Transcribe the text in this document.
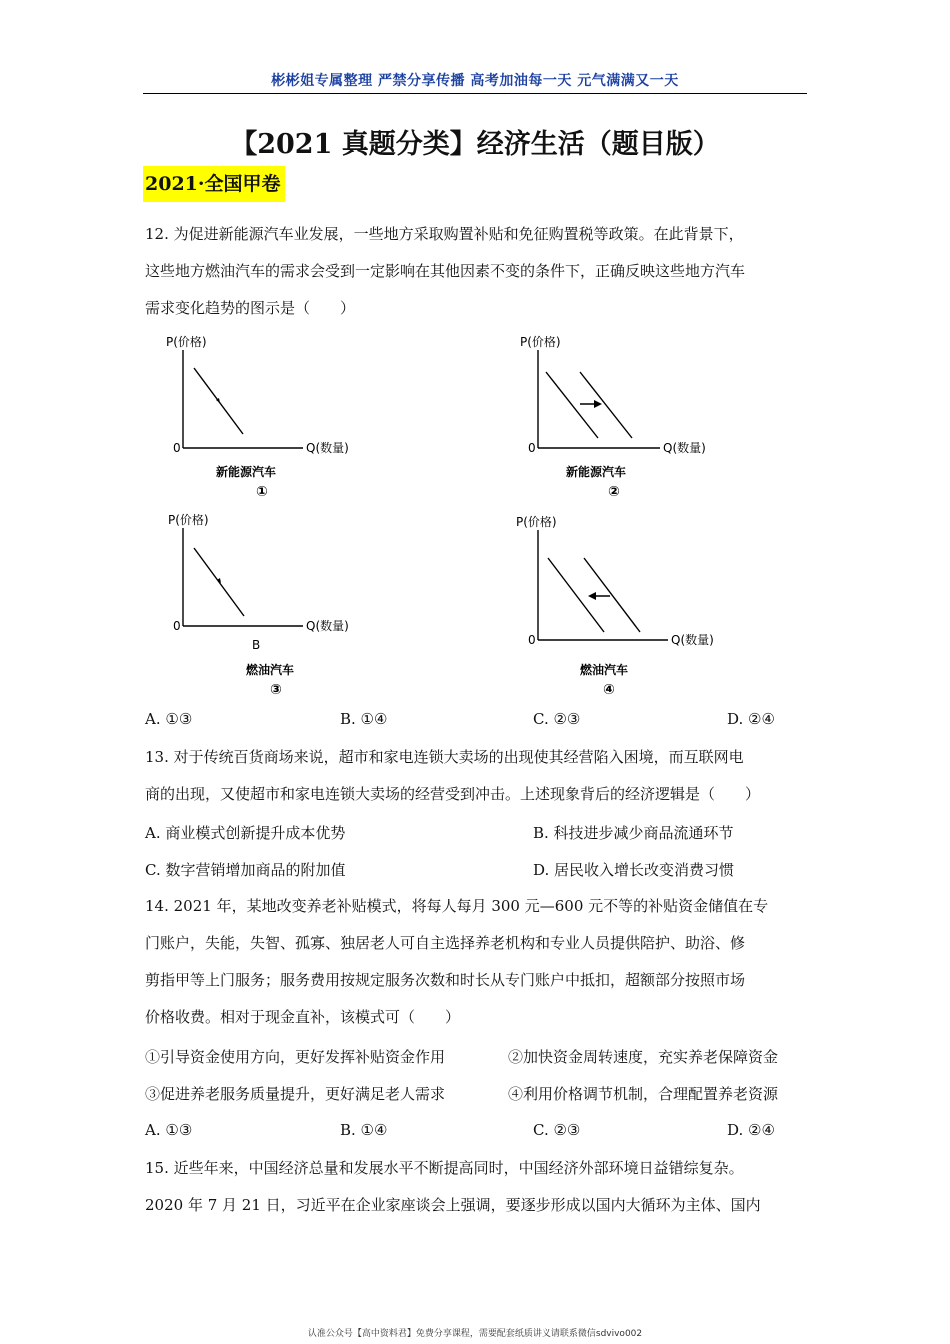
彬彬姐专属整理 严禁分享传播 高考加油每一天 元气满满又一天
【2021 真题分类】经济生活（题目版）
2021·全国甲卷
12. 为促进新能源汽车业发展，一些地方采取购置补贴和免征购置税等政策。在此背景下，
这些地方燃油汽车的需求会受到一定影响在其他因素不变的条件下，正确反映这些地方汽车
需求变化趋势的图示是（　　）
P(价格)
0	Q(数量)
新能源汽车
①
P(价格)
0	Q(数量)
新能源汽车
②
P(价格)
0	Q(数量)
B
燃油汽车
③
P(价格)
0	Q(数量)
燃油汽车
④
A. ①③	B. ①④	C. ②③	D. ②④
13. 对于传统百货商场来说，超市和家电连锁大卖场的出现使其经营陷入困境，而互联网电
商的出现，又使超市和家电连锁大卖场的经营受到冲击。上述现象背后的经济逻辑是（　　）
A. 商业模式创新提升成本优势	B. 科技进步减少商品流通环节
C. 数字营销增加商品的附加值	D. 居民收入增长改变消费习惯
14. 2021 年，某地改变养老补贴模式，将每人每月 300 元—600 元不等的补贴资金储值在专
门账户，失能，失智、孤寡、独居老人可自主选择养老机构和专业人员提供陪护、助浴、修
剪指甲等上门服务；服务费用按规定服务次数和时长从专门账户中抵扣，超额部分按照市场
价格收费。相对于现金直补，该模式可（　　）
①引导资金使用方向，更好发挥补贴资金作用	②加快资金周转速度，充实养老保障资金
③促进养老服务质量提升，更好满足老人需求	④利用价格调节机制，合理配置养老资源
A. ①③	B. ①④	C. ②③	D. ②④
15. 近些年来，中国经济总量和发展水平不断提高同时，中国经济外部环境日益错综复杂。
2020 年 7 月 21 日，习近平在企业家座谈会上强调，要逐步形成以国内大循环为主体、国内
认准公众号【高中资料君】免费分享课程，需要配套纸质讲义请联系微信sdvivo002
